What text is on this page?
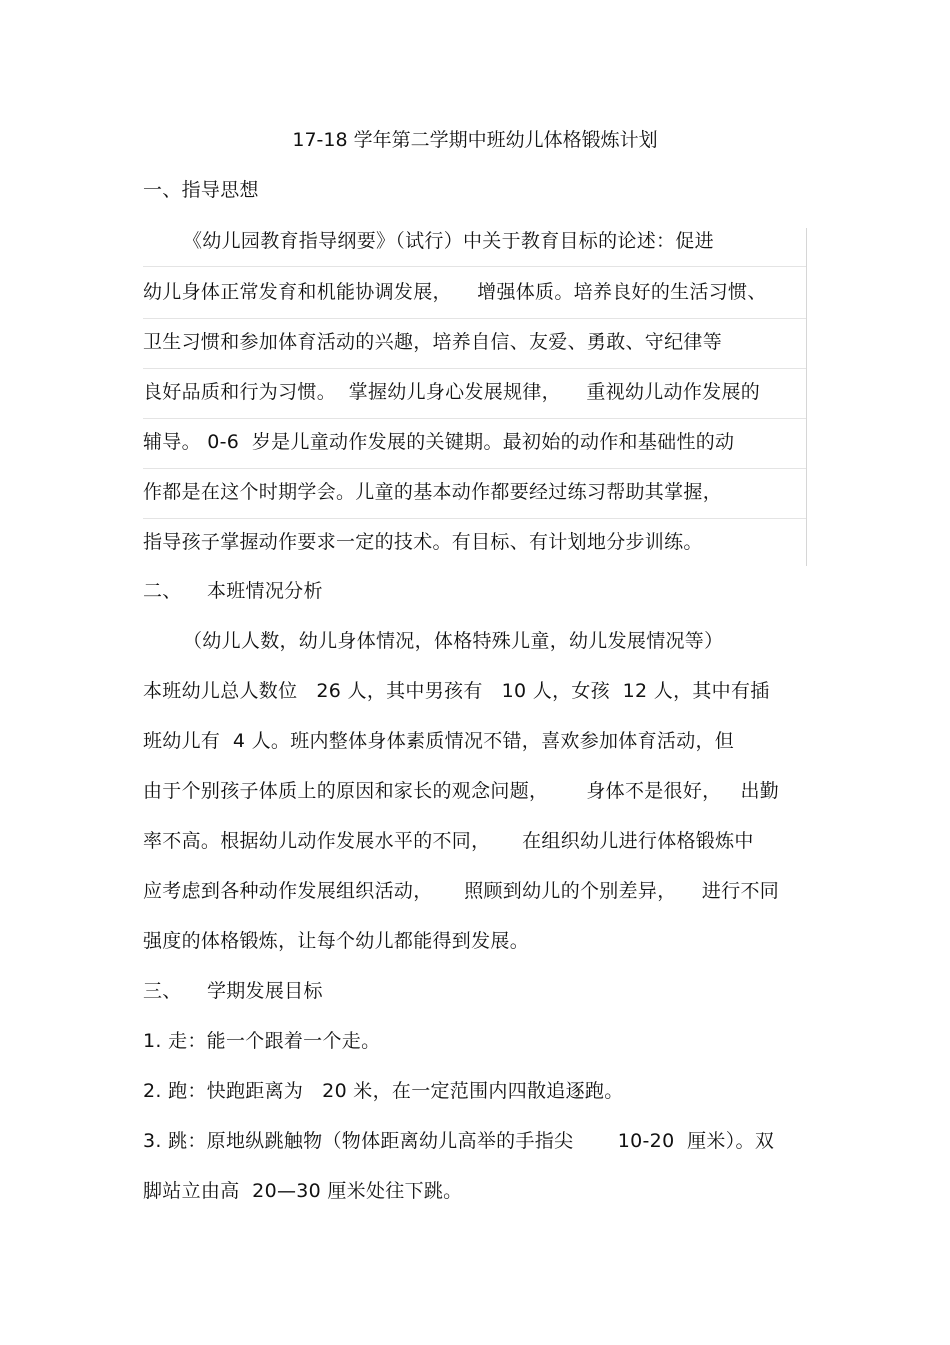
17-18 学年第二学期中班幼儿体格锻炼计划
一、指导思想
《幼儿园教育指导纲要》（试行）中关于教育目标的论述：促进
幼儿身体正常发育和机能协调发展，    增强体质。培养良好的生活习惯、
卫生习惯和参加体育活动的兴趣，培养自信、友爱、勇敢、守纪律等
良好品质和行为习惯。  掌握幼儿身心发展规律，    重视幼儿动作发展的
辅导。 0-6  岁是儿童动作发展的关键期。最初始的动作和基础性的动
作都是在这个时期学会。儿童的基本动作都要经过练习帮助其掌握，
指导孩子掌握动作要求一定的技术。有目标、有计划地分步训练。
二、    本班情况分析
（幼儿人数，幼儿身体情况，体格特殊儿童，幼儿发展情况等）
本班幼儿总人数位   26 人，其中男孩有   10 人，女孩  12 人，其中有插
班幼儿有  4 人。班内整体身体素质情况不错，喜欢参加体育活动，但
由于个别孩子体质上的原因和家长的观念问题，      身体不是很好，   出勤
率不高。根据幼儿动作发展水平的不同，     在组织幼儿进行体格锻炼中
应考虑到各种动作发展组织活动，     照顾到幼儿的个别差异，    进行不同
强度的体格锻炼，让每个幼儿都能得到发展。
三、    学期发展目标
1. 走：能一个跟着一个走。
2. 跑：快跑距离为   20 米，在一定范围内四散追逐跑。
3. 跳：原地纵跳触物（物体距离幼儿高举的手指尖       10-20  厘米）。双
脚站立由高  20—30 厘米处往下跳。
